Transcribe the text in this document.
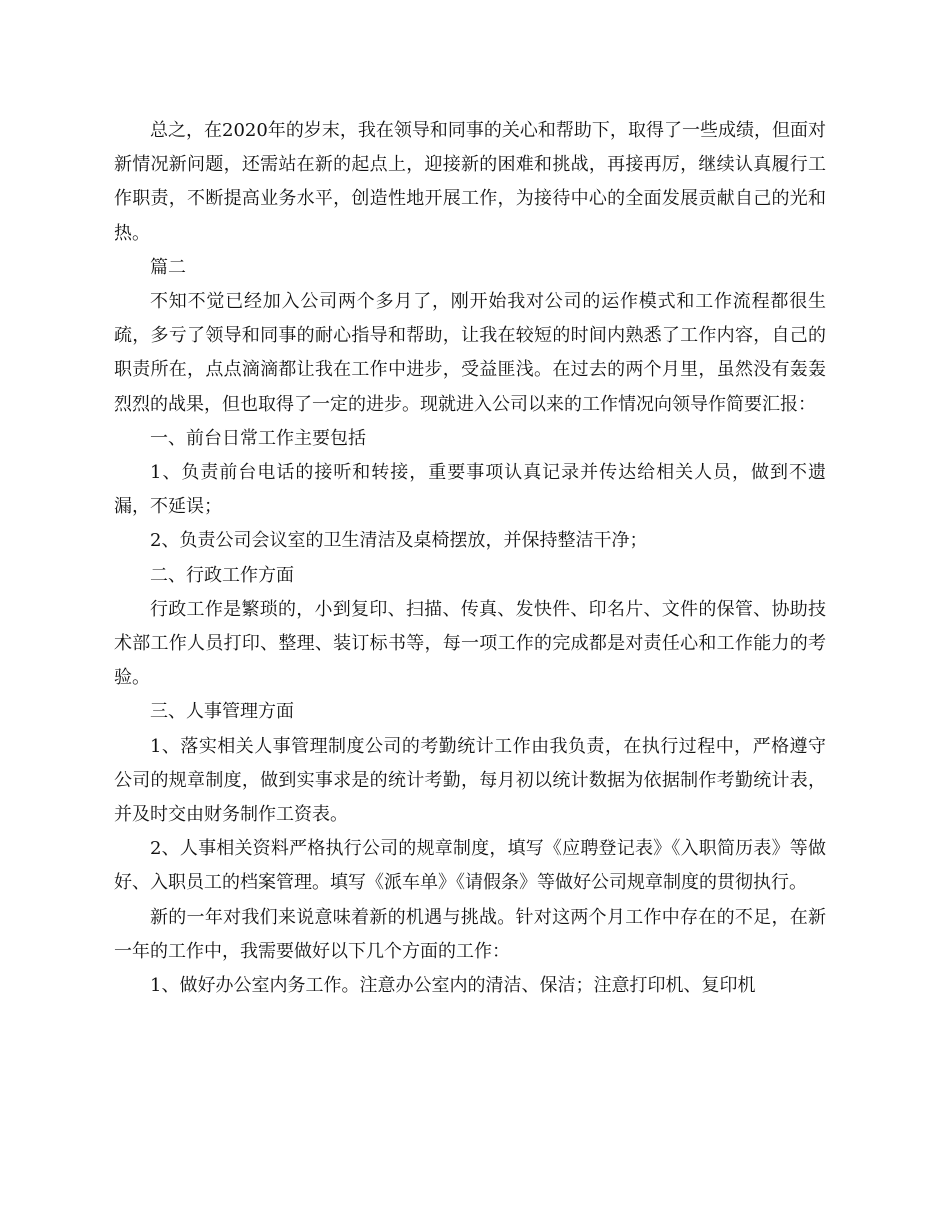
总之，在2020年的岁末，我在领导和同事的关心和帮助下，取得了一些成绩，但面对新情况新问题，还需站在新的起点上，迎接新的困难和挑战，再接再厉，继续认真履行工作职责，不断提高业务水平，创造性地开展工作，为接待中心的全面发展贡献自己的光和热。

篇二

不知不觉已经加入公司两个多月了，刚开始我对公司的运作模式和工作流程都很生疏，多亏了领导和同事的耐心指导和帮助，让我在较短的时间内熟悉了工作内容，自己的职责所在，点点滴滴都让我在工作中进步，受益匪浅。在过去的两个月里，虽然没有轰轰烈烈的战果，但也取得了一定的进步。现就进入公司以来的工作情况向领导作简要汇报：

一、前台日常工作主要包括

1、负责前台电话的接听和转接，重要事项认真记录并传达给相关人员，做到不遗漏，不延误；

2、负责公司会议室的卫生清洁及桌椅摆放，并保持整洁干净；

二、行政工作方面

行政工作是繁琐的，小到复印、扫描、传真、发快件、印名片、文件的保管、协助技术部工作人员打印、整理、装订标书等，每一项工作的完成都是对责任心和工作能力的考验。

三、人事管理方面

1、落实相关人事管理制度公司的考勤统计工作由我负责，在执行过程中，严格遵守公司的规章制度，做到实事求是的统计考勤，每月初以统计数据为依据制作考勤统计表，并及时交由财务制作工资表。

2、人事相关资料严格执行公司的规章制度，填写《应聘登记表》《入职简历表》等做好、入职员工的档案管理。填写《派车单》《请假条》等做好公司规章制度的贯彻执行。

新的一年对我们来说意味着新的机遇与挑战。针对这两个月工作中存在的不足，在新一年的工作中，我需要做好以下几个方面的工作：

1、做好办公室内务工作。注意办公室内的清洁、保洁；注意打印机、复印机
